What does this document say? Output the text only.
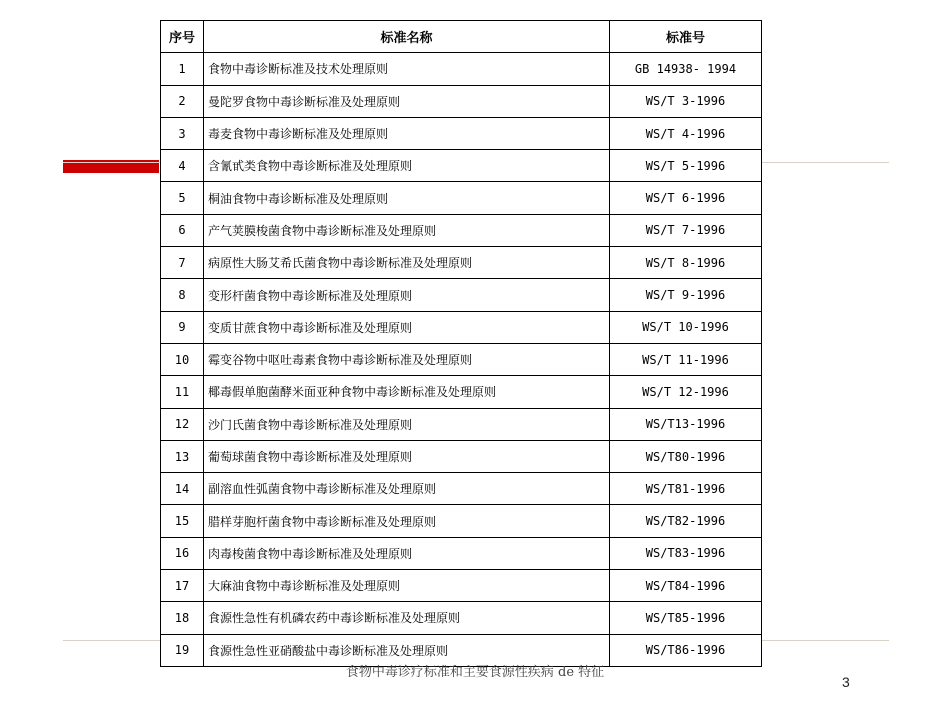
序号	标准名称	标准号
1	食物中毒诊断标准及技术处理原则	GB 14938- 1994
2	曼陀罗食物中毒诊断标准及处理原则	WS/T 3-1996
3	毒麦食物中毒诊断标准及处理原则	WS/T 4-1996
4	含氰甙类食物中毒诊断标准及处理原则	WS/T 5-1996
5	桐油食物中毒诊断标准及处理原则	WS/T 6-1996
6	产气荚膜梭菌食物中毒诊断标准及处理原则	WS/T 7-1996
7	病原性大肠艾希氏菌食物中毒诊断标准及处理原则	WS/T 8-1996
8	变形杆菌食物中毒诊断标准及处理原则	WS/T 9-1996
9	变质甘蔗食物中毒诊断标准及处理原则	WS/T 10-1996
10	霉变谷物中呕吐毒素食物中毒诊断标准及处理原则	WS/T 11-1996
11	椰毒假单胞菌酵米面亚种食物中毒诊断标准及处理原则	WS/T 12-1996
12	沙门氏菌食物中毒诊断标准及处理原则	WS/T13-1996
13	葡萄球菌食物中毒诊断标准及处理原则	WS/T80-1996
14	副溶血性弧菌食物中毒诊断标准及处理原则	WS/T81-1996
15	腊样芽胞杆菌食物中毒诊断标准及处理原则	WS/T82-1996
16	肉毒梭菌食物中毒诊断标准及处理原则	WS/T83-1996
17	大麻油食物中毒诊断标准及处理原则	WS/T84-1996
18	食源性急性有机磷农药中毒诊断标准及处理原则	WS/T85-1996
19	食源性急性亚硝酸盐中毒诊断标准及处理原则	WS/T86-1996
食物中毒诊疗标准和主要食源性疾病 de 特征
3
